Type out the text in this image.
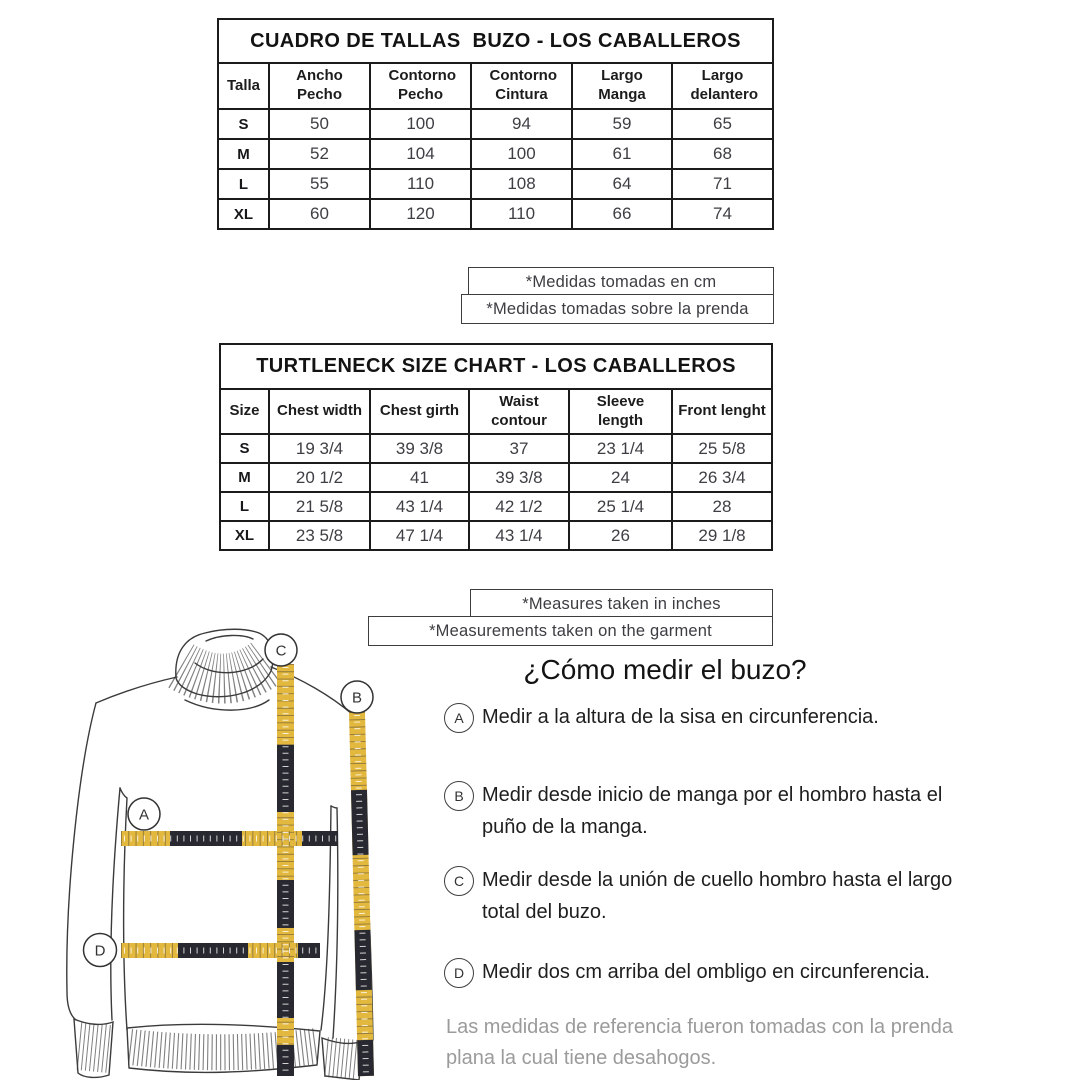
CUADRO DE TALLAS  BUZO - LOS CABALLEROS					
Talla	Ancho Pecho	Contorno Pecho	Contorno Cintura	Largo Manga	Largo delantero
S	50	100	94	59	65
M	52	104	100	61	68
L	55	110	108	64	71
XL	60	120	110	66	74
*Medidas tomadas en cm
*Medidas tomadas sobre la prenda
TURTLENECK SIZE CHART - LOS CABALLEROS					
Size	Chest width	Chest girth	Waist contour	Sleeve length	Front lenght
S	19 3/4	39 3/8	37	23 1/4	25 5/8
M	20 1/2	41	39 3/8	24	26 3/4
L	21 5/8	43 1/4	42 1/2	25 1/4	28
XL	23 5/8	47 1/4	43 1/4	26	29 1/8
*Measures taken in inches
*Measurements taken on the garment
A
B
C
D
¿Cómo medir el buzo?
A Medir a la altura de la sisa en circunferencia.
B Medir desde inicio de manga por el hombro hasta el puño de la manga.
C Medir desde la unión de cuello hombro hasta el largo total del buzo.
D Medir dos cm arriba del ombligo en circunferencia.
Las medidas de referencia fueron tomadas con la prenda plana la cual tiene desahogos.
